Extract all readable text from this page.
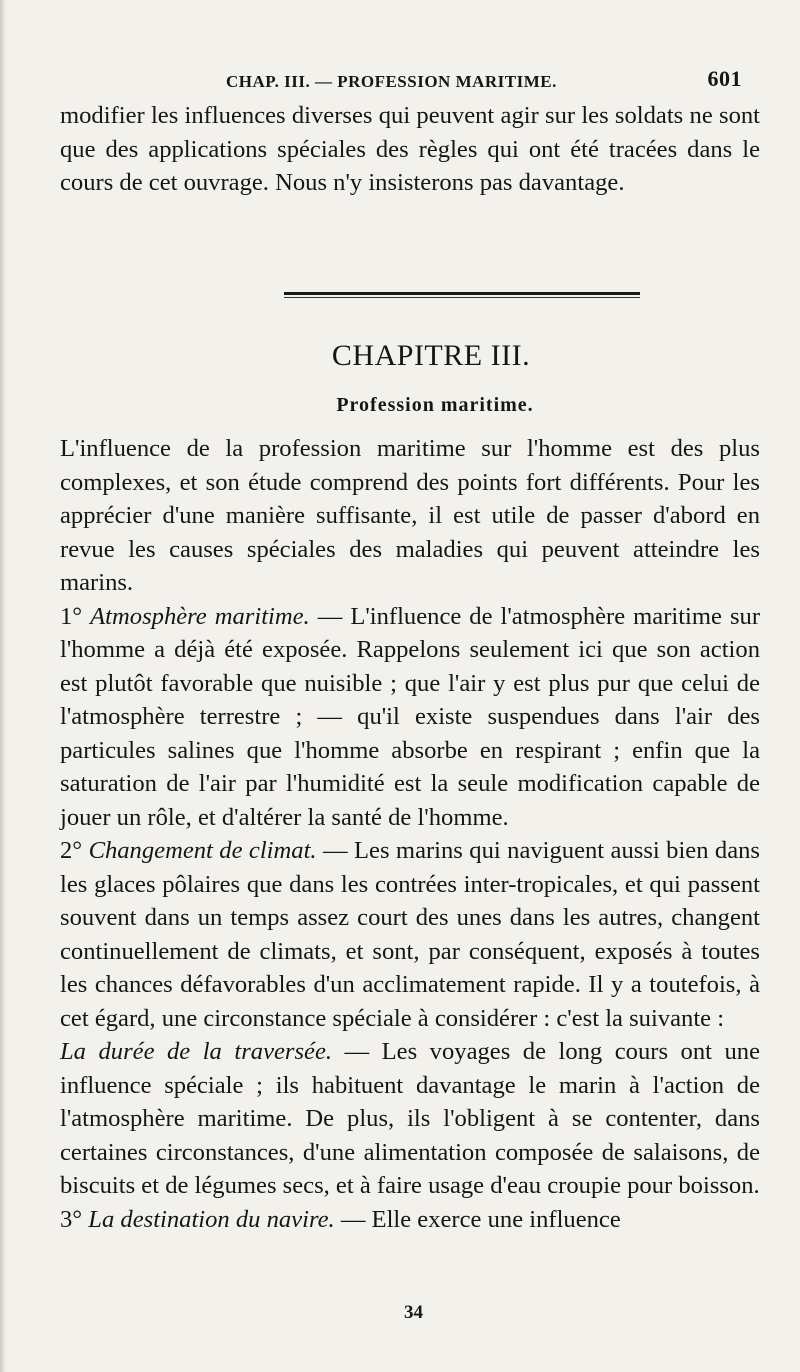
CHAP. III. — PROFESSION MARITIME.	601

modifier les influences diverses qui peuvent agir sur les soldats ne sont que des applications spéciales des règles qui ont été tracées dans le cours de cet ouvrage. Nous n'y insisterons pas davantage.

CHAPITRE III.
Profession maritime.

L'influence de la profession maritime sur l'homme est des plus complexes, et son étude comprend des points fort différents. Pour les apprécier d'une manière suffisante, il est utile de passer d'abord en revue les causes spéciales des maladies qui peuvent atteindre les marins.

1° Atmosphère maritime. — L'influence de l'atmosphère maritime sur l'homme a déjà été exposée. Rappelons seulement ici que son action est plutôt favorable que nuisible ; que l'air y est plus pur que celui de l'atmosphère terrestre ; — qu'il existe suspendues dans l'air des particules salines que l'homme absorbe en respirant ; enfin que la saturation de l'air par l'humidité est la seule modification capable de jouer un rôle, et d'altérer la santé de l'homme.

2° Changement de climat. — Les marins qui naviguent aussi bien dans les glaces pôlaires que dans les contrées inter-tropicales, et qui passent souvent dans un temps assez court des unes dans les autres, changent continuellement de climats, et sont, par conséquent, exposés à toutes les chances défavorables d'un acclimatement rapide. Il y a toutefois, à cet égard, une circonstance spéciale à considérer : c'est la suivante :

La durée de la traversée. — Les voyages de long cours ont une influence spéciale ; ils habituent davantage le marin à l'action de l'atmosphère maritime. De plus, ils l'obligent à se contenter, dans certaines circonstances, d'une alimentation composée de salaisons, de biscuits et de légumes secs, et à faire usage d'eau croupie pour boisson.

3° La destination du navire. — Elle exerce une influence

34
